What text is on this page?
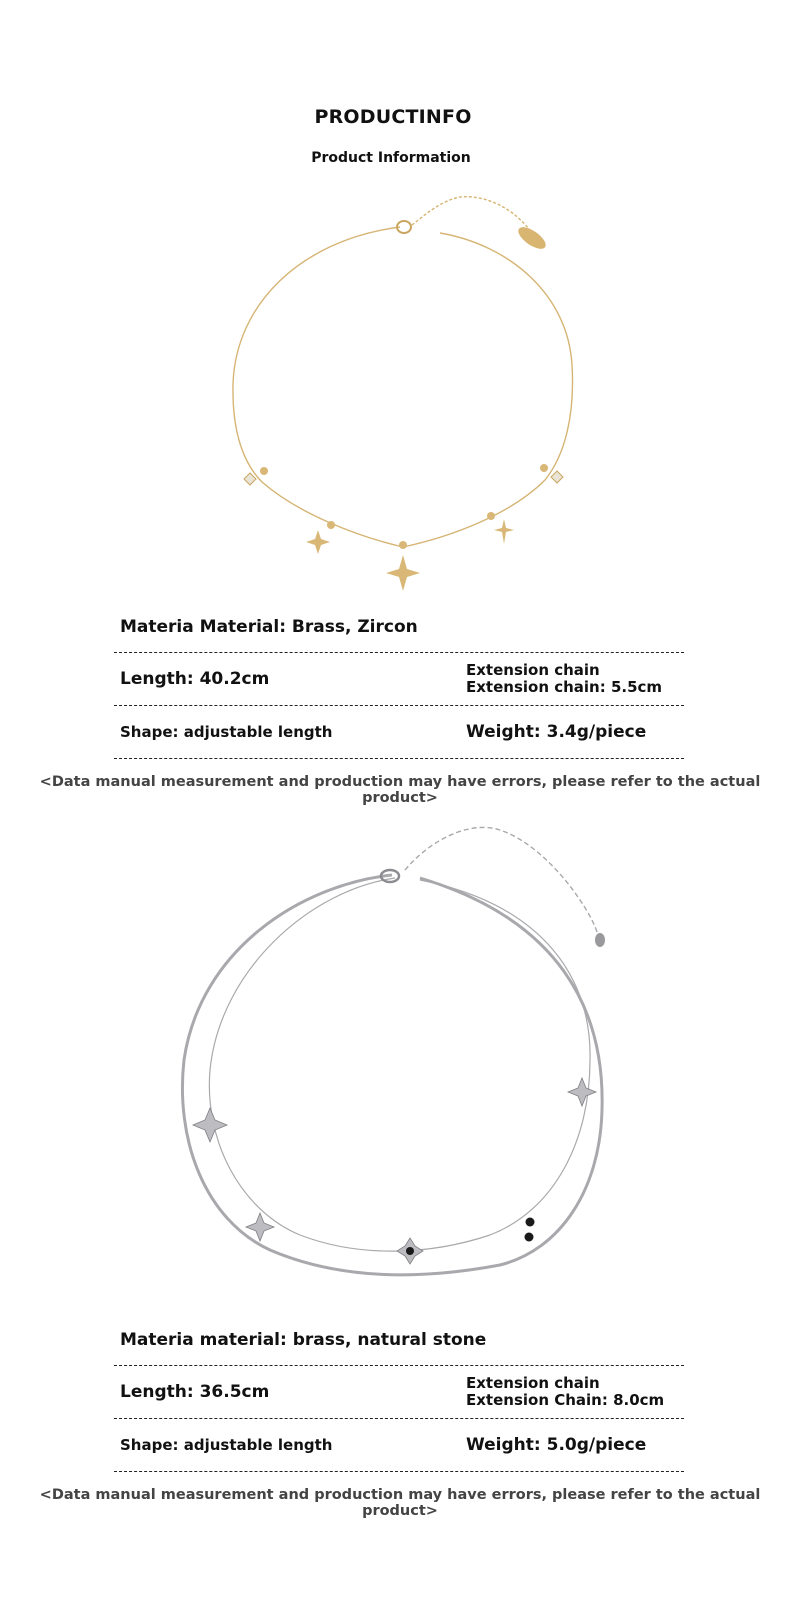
PRODUCTINFO
Product Information
Materia Material: Brass, Zircon
Length: 40.2cm	Extension chain
Extension chain: 5.5cm
Shape: adjustable length	Weight: 3.4g/piece
<Data manual measurement and production may have errors, please refer to the actual product>
Materia material: brass, natural stone
Length: 36.5cm	Extension chain
Extension Chain: 8.0cm
Shape: adjustable length	Weight: 5.0g/piece
<Data manual measurement and production may have errors, please refer to the actual product>
